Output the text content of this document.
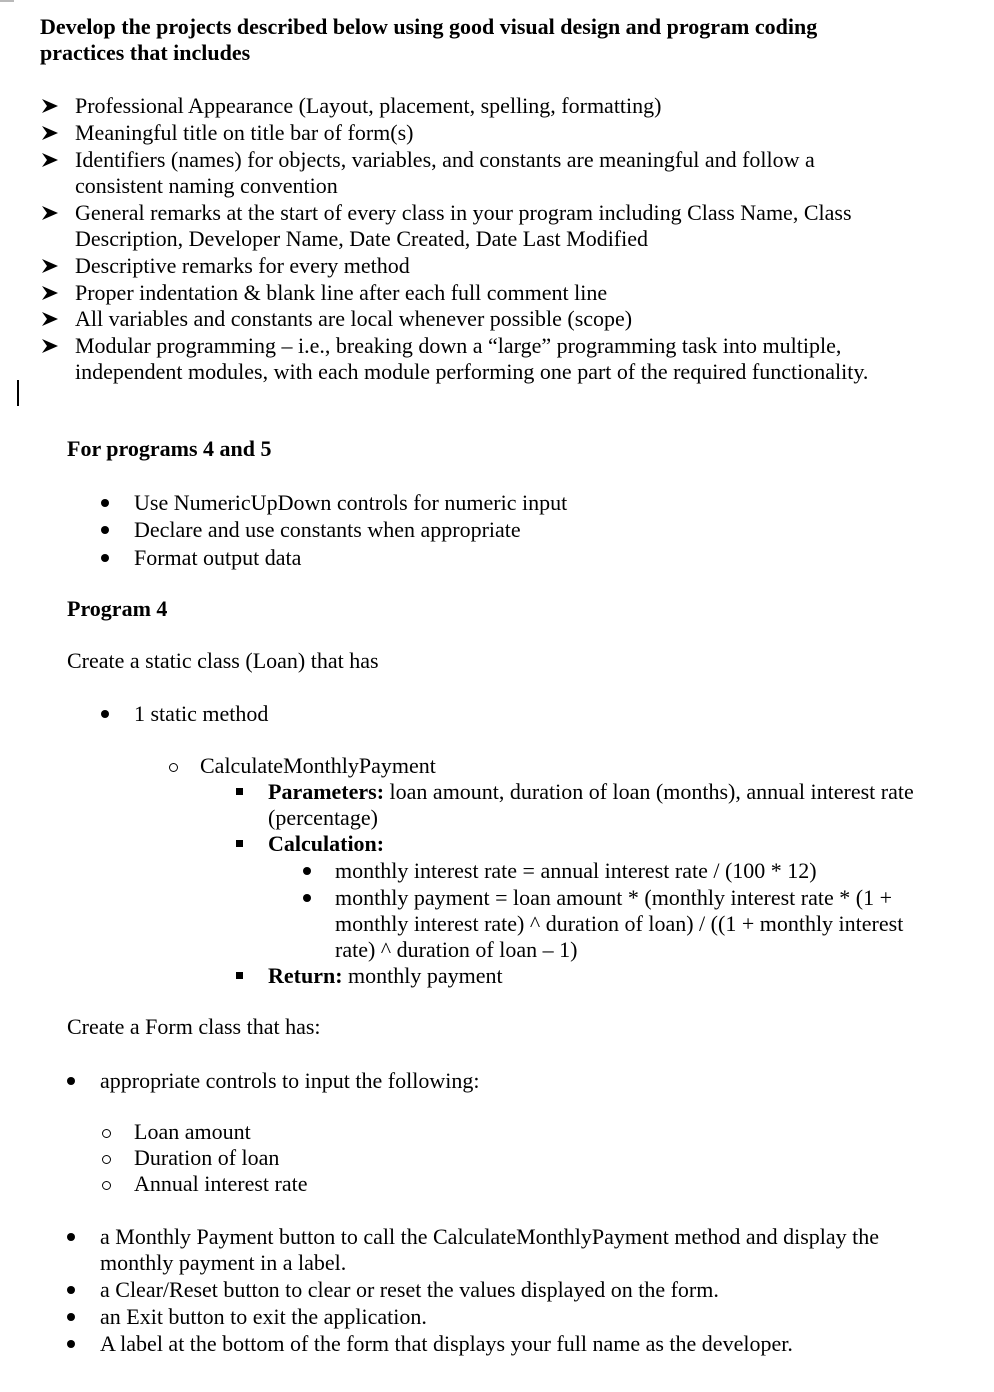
Develop the projects described below using good visual design and program coding
practices that includes
Professional Appearance (Layout, placement, spelling, formatting)
Meaningful title on title bar of form(s)
Identifiers (names) for objects, variables, and constants are meaningful and follow a
consistent naming convention
General remarks at the start of every class in your program including Class Name, Class
Description, Developer Name, Date Created, Date Last Modified
Descriptive remarks for every method
Proper indentation & blank line after each full comment line
All variables and constants are local whenever possible (scope)
Modular programming – i.e., breaking down a “large” programming task into multiple,
independent modules, with each module performing one part of the required functionality.
For programs 4 and 5
Use NumericUpDown controls for numeric input
Declare and use constants when appropriate
Format output data
Program 4
Create a static class (Loan) that has
1 static method
CalculateMonthlyPayment
Parameters: loan amount, duration of loan (months), annual interest rate
(percentage)
Calculation:
monthly interest rate = annual interest rate / (100 * 12)
monthly payment = loan amount * (monthly interest rate * (1 +
monthly interest rate) ^ duration of loan) / ((1 + monthly interest
rate) ^ duration of loan – 1)
Return: monthly payment
Create a Form class that has:
appropriate controls to input the following:
Loan amount
Duration of loan
Annual interest rate
a Monthly Payment button to call the CalculateMonthlyPayment method and display the
monthly payment in a label.
a Clear/Reset button to clear or reset the values displayed on the form.
an Exit button to exit the application.
A label at the bottom of the form that displays your full name as the developer.
